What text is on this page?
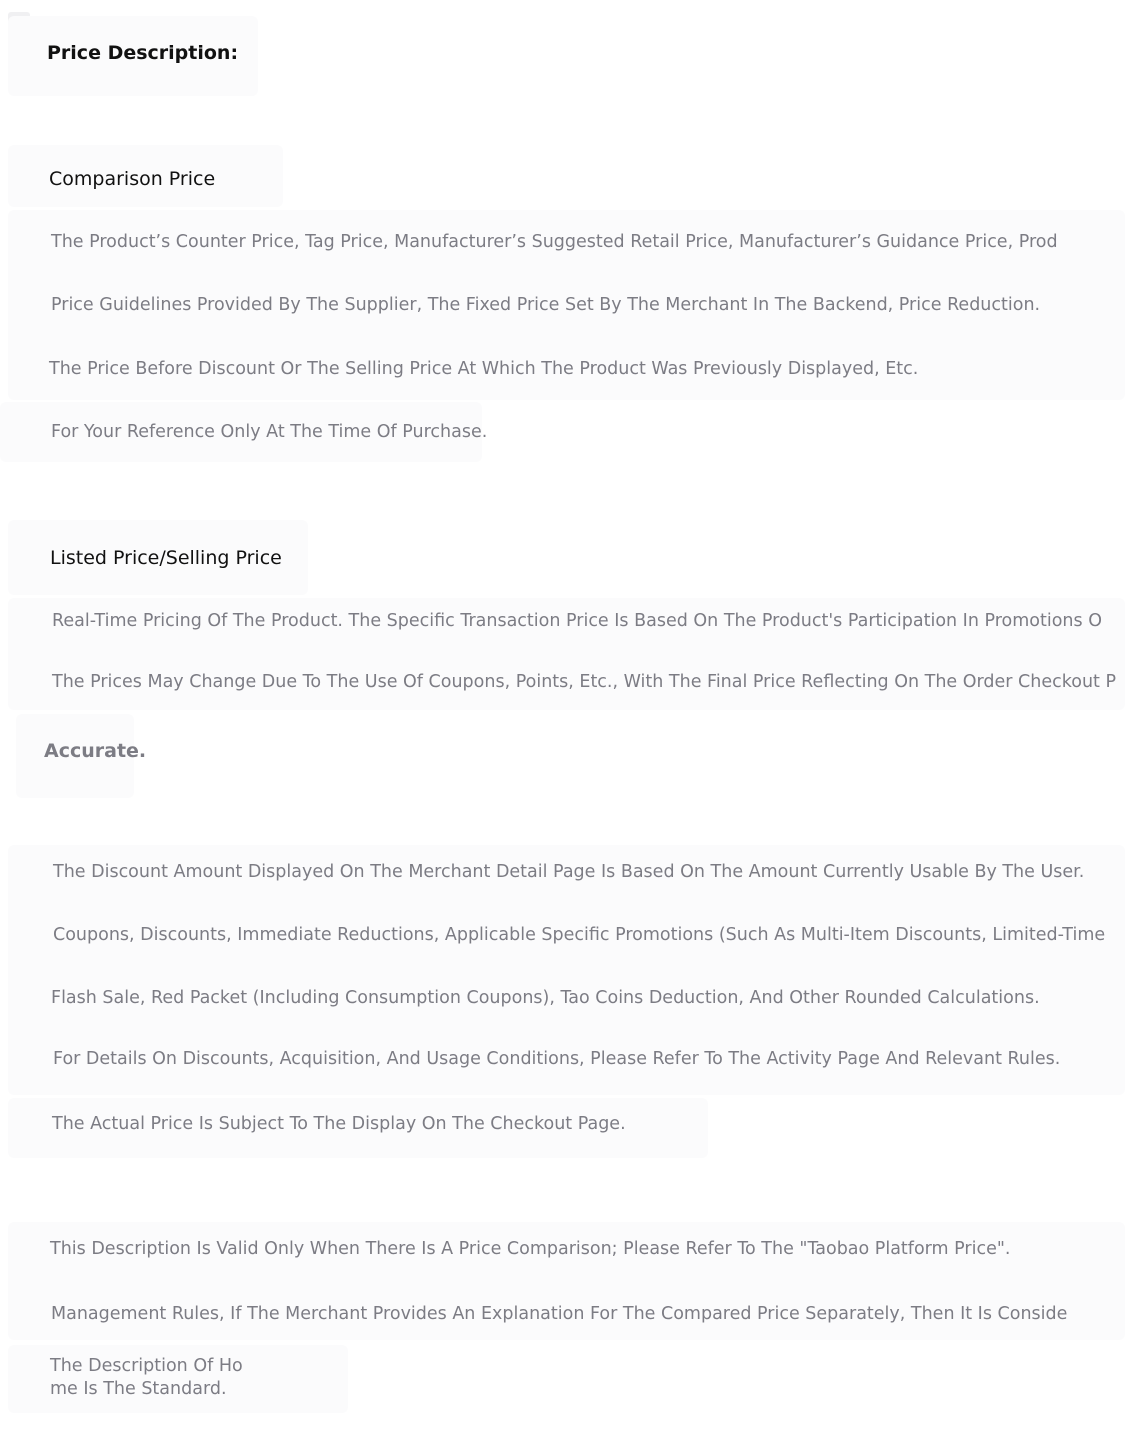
Price Description:
Comparison Price
The Product’s Counter Price, Tag Price, Manufacturer’s Suggested Retail Price, Manufacturer’s Guidance Price, Prod
Price Guidelines Provided By The Supplier, The Fixed Price Set By The Merchant In The Backend, Price Reduction.
The Price Before Discount Or The Selling Price At Which The Product Was Previously Displayed, Etc.
For Your Reference Only At The Time Of Purchase.
Listed Price/Selling Price
Real-Time Pricing Of The Product. The Specific Transaction Price Is Based On The Product's Participation In Promotions O
The Prices May Change Due To The Use Of Coupons, Points, Etc., With The Final Price Reflecting On The Order Checkout P
Accurate.
The Discount Amount Displayed On The Merchant Detail Page Is Based On The Amount Currently Usable By The User.
Coupons, Discounts, Immediate Reductions, Applicable Specific Promotions (Such As Multi-Item Discounts, Limited-Time
Flash Sale, Red Packet (Including Consumption Coupons), Tao Coins Deduction, And Other Rounded Calculations.
For Details On Discounts, Acquisition, And Usage Conditions, Please Refer To The Activity Page And Relevant Rules.
The Actual Price Is Subject To The Display On The Checkout Page.
This Description Is Valid Only When There Is A Price Comparison; Please Refer To The "Taobao Platform Price".
Management Rules, If The Merchant Provides An Explanation For The Compared Price Separately, Then It Is Conside
The Description Of Ho
me Is The Standard.
